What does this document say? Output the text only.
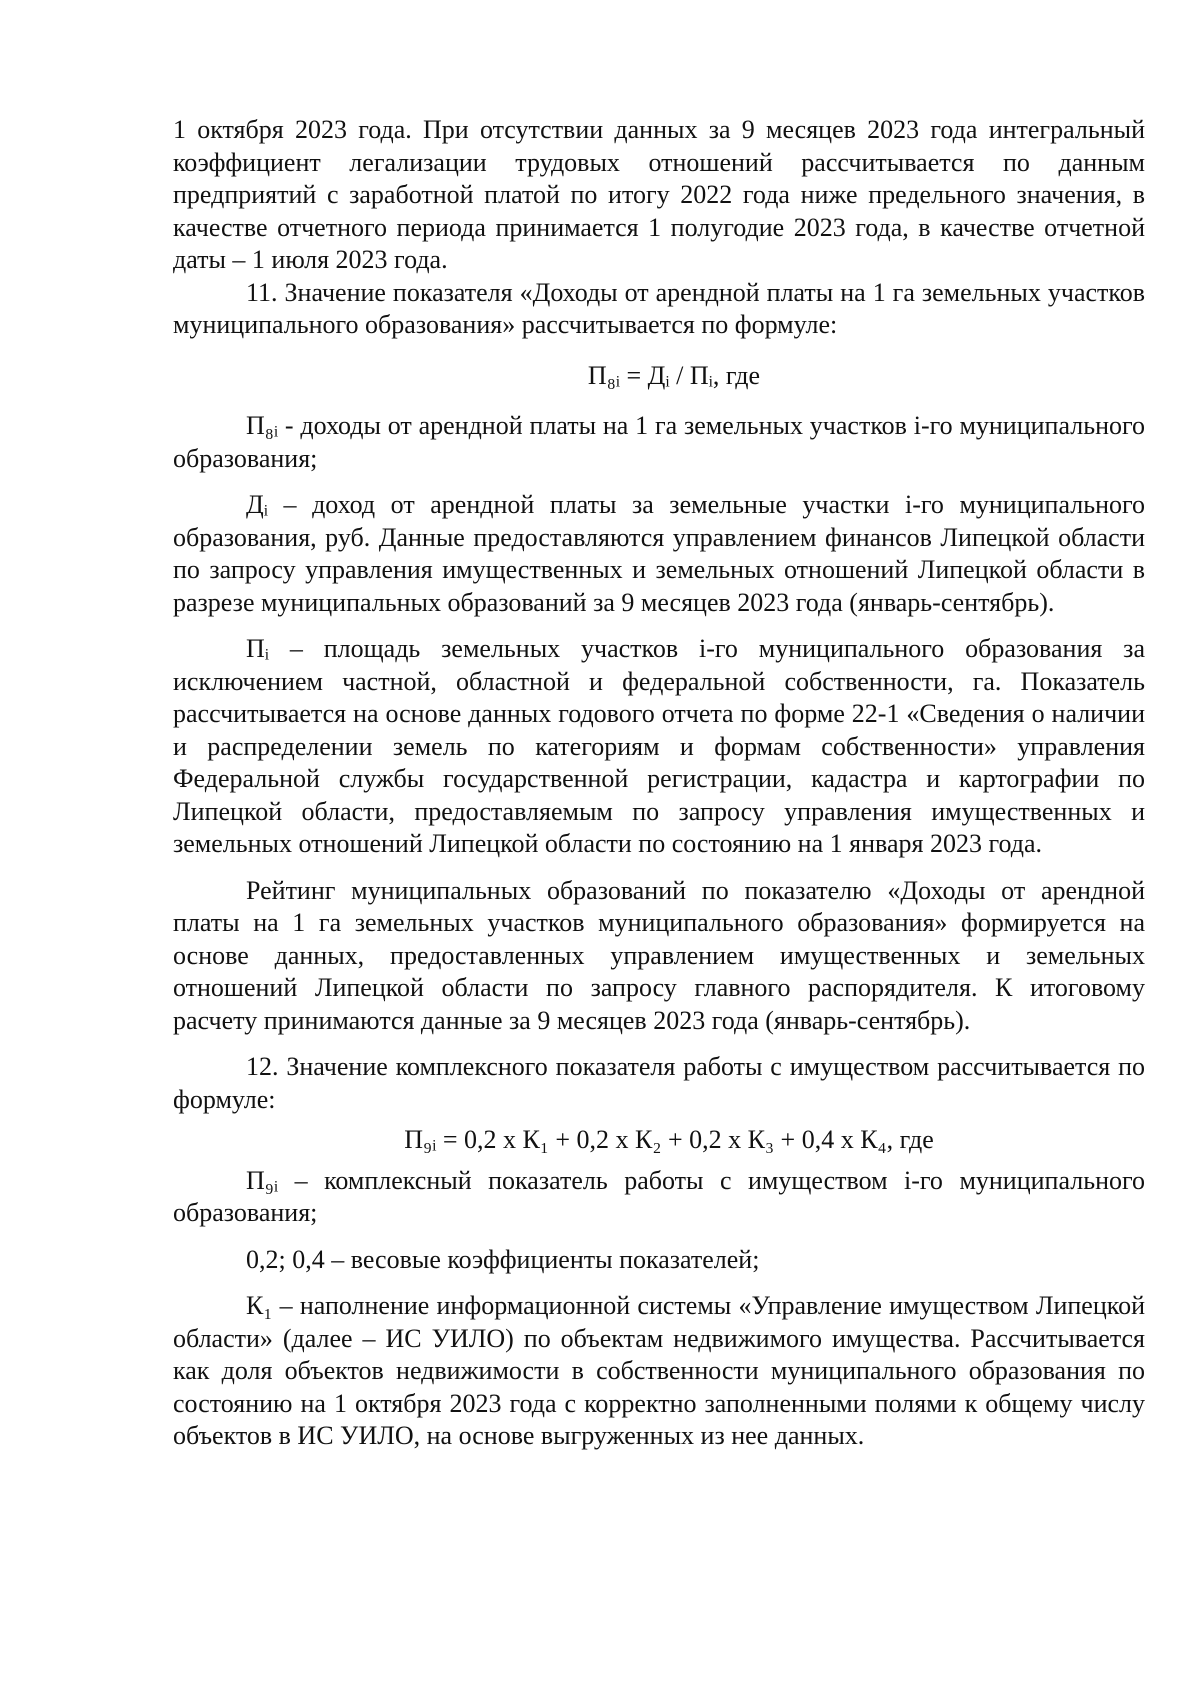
1 октября 2023 года. При отсутствии данных за 9 месяцев 2023 года интегральный коэффициент легализации трудовых отношений рассчитывается по данным предприятий с заработной платой по итогу 2022 года ниже предельного значения, в качестве отчетного периода принимается 1 полугодие 2023 года, в качестве отчетной даты – 1 июля 2023 года.

11. Значение показателя «Доходы от арендной платы на 1 га земельных участков муниципального образования» рассчитывается по формуле:

П₈ᵢ = Дᵢ / Пᵢ, где

П₈ᵢ - доходы от арендной платы на 1 га земельных участков i-го муниципального образования;

Дᵢ – доход от арендной платы за земельные участки i-го муниципального образования, руб. Данные предоставляются управлением финансов Липецкой области по запросу управления имущественных и земельных отношений Липецкой области в разрезе муниципальных образований за 9 месяцев 2023 года (январь-сентябрь).

Пᵢ – площадь земельных участков i-го муниципального образования за исключением частной, областной и федеральной собственности, га. Показатель рассчитывается на основе данных годового отчета по форме 22-1 «Сведения о наличии и распределении земель по категориям и формам собственности» управления Федеральной службы государственной регистрации, кадастра и картографии по Липецкой области, предоставляемым по запросу управления имущественных и земельных отношений Липецкой области по состоянию на 1 января 2023 года.

Рейтинг муниципальных образований по показателю «Доходы от арендной платы на 1 га земельных участков муниципального образования» формируется на основе данных, предоставленных управлением имущественных и земельных отношений Липецкой области по запросу главного распорядителя. К итоговому расчету принимаются данные за 9 месяцев 2023 года (январь-сентябрь).

12. Значение комплексного показателя работы с имуществом рассчитывается по формуле:

П₉ᵢ = 0,2 x К₁ + 0,2 x К₂ + 0,2 x К₃ + 0,4 x К₄, где

П₉ᵢ – комплексный показатель работы с имуществом i-го муниципального образования;

0,2; 0,4 – весовые коэффициенты показателей;

К₁ – наполнение информационной системы «Управление имуществом Липецкой области» (далее – ИС УИЛО) по объектам недвижимого имущества. Рассчитывается как доля объектов недвижимости в собственности муниципального образования по состоянию на 1 октября 2023 года с корректно заполненными полями к общему числу объектов в ИС УИЛО, на основе выгруженных из нее данных.
